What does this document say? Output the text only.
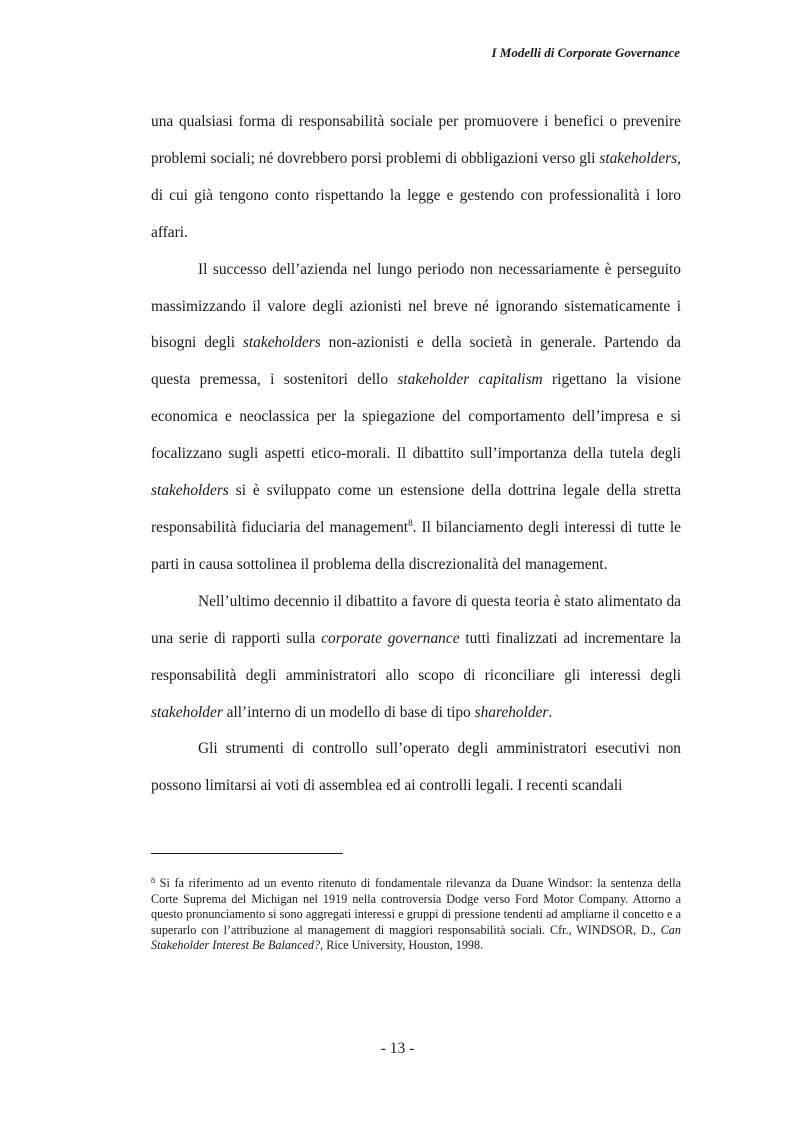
I Modelli di Corporate Governance

una qualsiasi forma di responsabilità sociale per promuovere i benefici o prevenire problemi sociali; né dovrebbero porsi problemi di obbligazioni verso gli stakeholders, di cui già tengono conto rispettando la legge e gestendo con professionalità i loro affari.

Il successo dell’azienda nel lungo periodo non necessariamente è perseguito massimizzando il valore degli azionisti nel breve né ignorando sistematicamente i bisogni degli stakeholders non-azionisti e della società in generale. Partendo da questa premessa, i sostenitori dello stakeholder capitalism rigettano la visione economica e neoclassica per la spiegazione del comportamento dell’impresa e si focalizzano sugli aspetti etico-morali. Il dibattito sull’importanza della tutela degli stakeholders si è sviluppato come un estensione della dottrina legale della stretta responsabilità fiduciaria del management$^8$. Il bilanciamento degli interessi di tutte le parti in causa sottolinea il problema della discrezionalità del management.

Nell’ultimo decennio il dibattito a favore di questa teoria è stato alimentato da una serie di rapporti sulla corporate governance tutti finalizzati ad incrementare la responsabilità degli amministratori allo scopo di riconciliare gli interessi degli stakeholder all’interno di un modello di base di tipo shareholder.

Gli strumenti di controllo sull’operato degli amministratori esecutivi non possono limitarsi ai voti di assemblea ed ai controlli legali. I recenti scandali

$^8$ Si fa riferimento ad un evento ritenuto di fondamentale rilevanza da Duane Windsor: la sentenza della Corte Suprema del Michigan nel 1919 nella controversia Dodge verso Ford Motor Company. Attorno a questo pronunciamento si sono aggregati interessi e gruppi di pressione tendenti ad ampliarne il concetto e a superarlo con l’attribuzione al management di maggiori responsabilità sociali. Cfr., WINDSOR, D., Can Stakeholder Interest Be Balanced?, Rice University, Houston, 1998.

- 13 -
